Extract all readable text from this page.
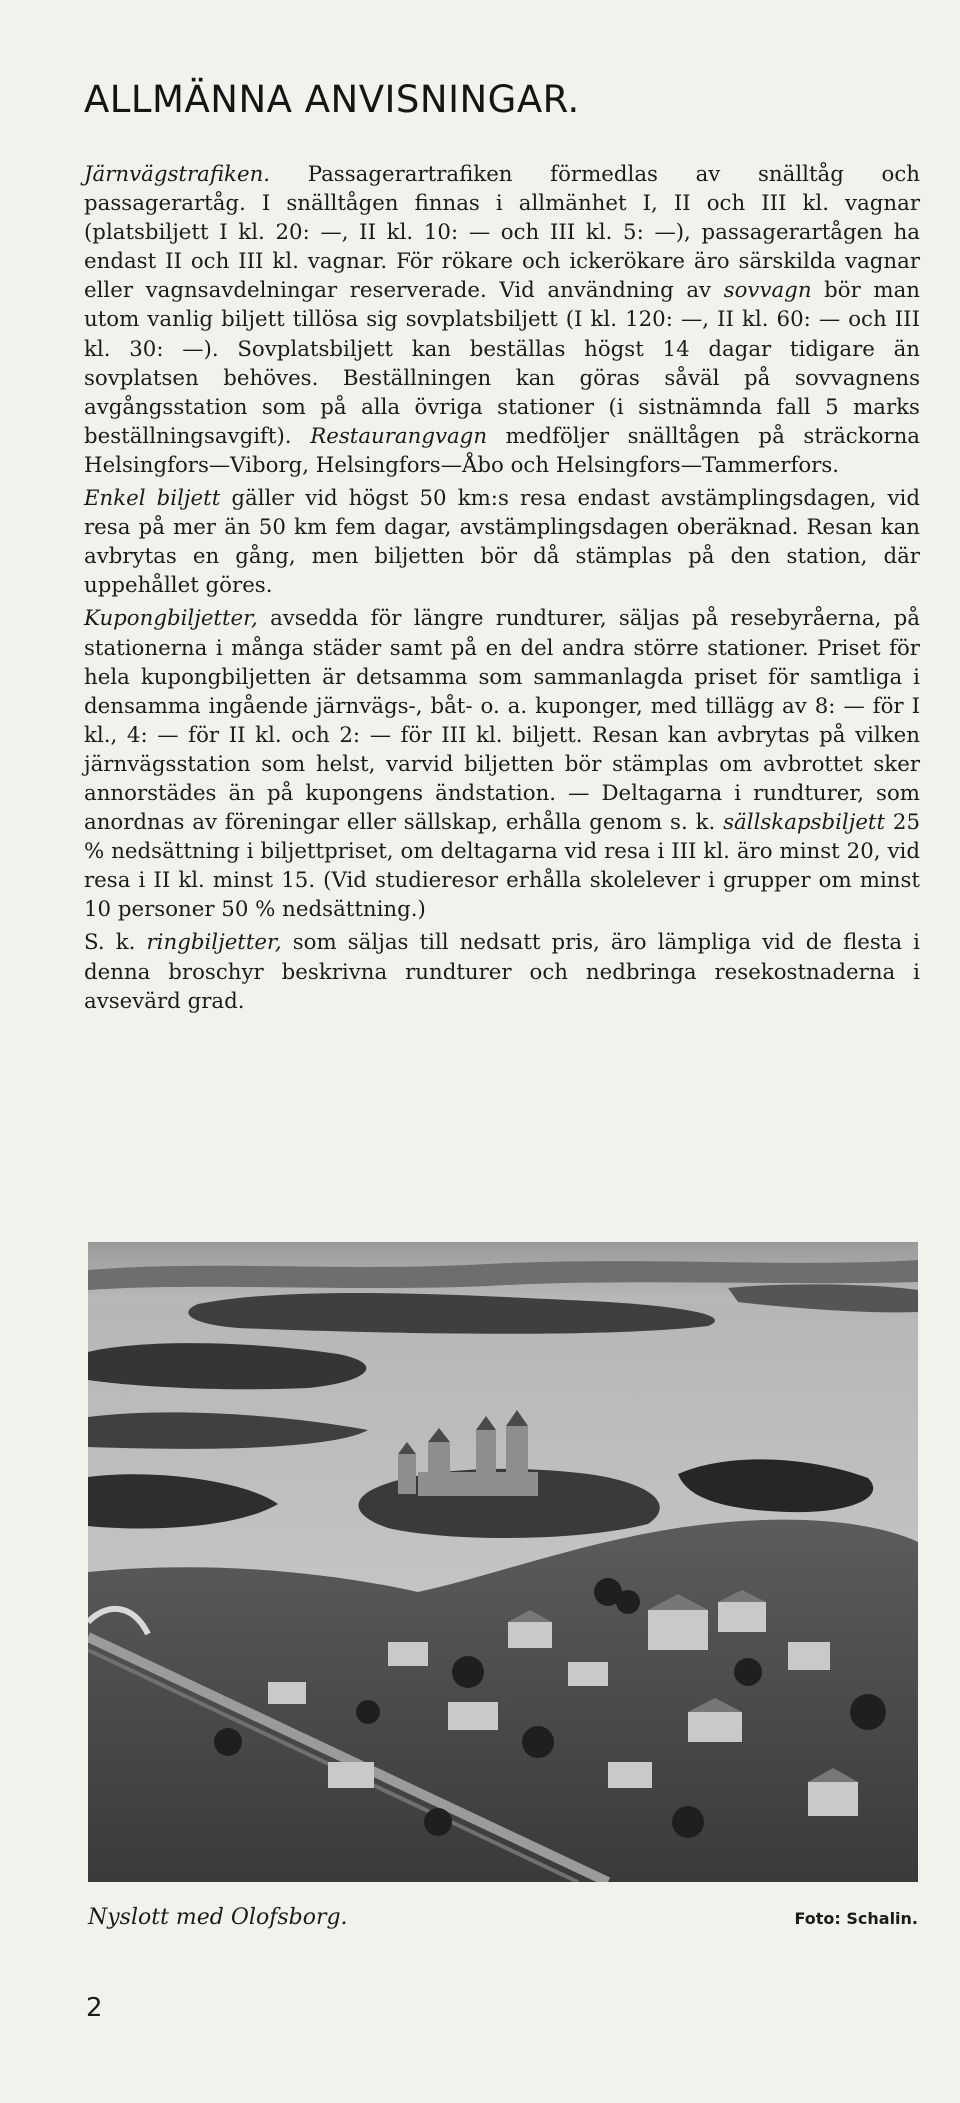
ALLMÄNNA ANVISNINGAR.

Järnvägstrafiken. Passagerartrafiken förmedlas av snälltåg och passagerartåg. I snälltågen finnas i allmänhet I, II och III kl. vagnar (platsbiljett I kl. 20: —, II kl. 10: — och III kl. 5: —), passagerartågen ha endast II och III kl. vagnar. För rökare och ickerökare äro särskilda vagnar eller vagnsavdelningar reserverade. Vid användning av sovvagn bör man utom vanlig biljett tillösa sig sovplatsbiljett (I kl. 120: —, II kl. 60: — och III kl. 30: —). Sovplatsbiljett kan beställas högst 14 dagar tidigare än sovplatsen behöves. Beställningen kan göras såväl på sovvagnens avgångsstation som på alla övriga stationer (i sistnämnda fall 5 marks beställningsavgift). Restaurangvagn medföljer snälltågen på sträckorna Helsingfors—Viborg, Helsingfors—Åbo och Helsingfors—Tammerfors.

Enkel biljett gäller vid högst 50 km:s resa endast avstämplingsdagen, vid resa på mer än 50 km fem dagar, avstämplingsdagen oberäknad. Resan kan avbrytas en gång, men biljetten bör då stämplas på den station, där uppehållet göres.

Kupongbiljetter, avsedda för längre rundturer, säljas på resebyråerna, på stationerna i många städer samt på en del andra större stationer. Priset för hela kupongbiljetten är detsamma som sammanlagda priset för samtliga i densamma ingående järnvägs-, båt- o. a. kuponger, med tillägg av 8: — för I kl., 4: — för II kl. och 2: — för III kl. biljett. Resan kan avbrytas på vilken järnvägsstation som helst, varvid biljetten bör stämplas om avbrottet sker annorstädes än på kupongens ändstation. — Deltagarna i rundturer, som anordnas av föreningar eller sällskap, erhålla genom s. k. sällskapsbiljett 25 % nedsättning i biljettpriset, om deltagarna vid resa i III kl. äro minst 20, vid resa i II kl. minst 15. (Vid studieresor erhålla skolelever i grupper om minst 10 personer 50 % nedsättning.)

S. k. ringbiljetter, som säljas till nedsatt pris, äro lämpliga vid de flesta i denna broschyr beskrivna rundturer och nedbringa resekostnaderna i avsevärd grad.

Nyslott med Olofsborg.	Foto: Schalin.
2
